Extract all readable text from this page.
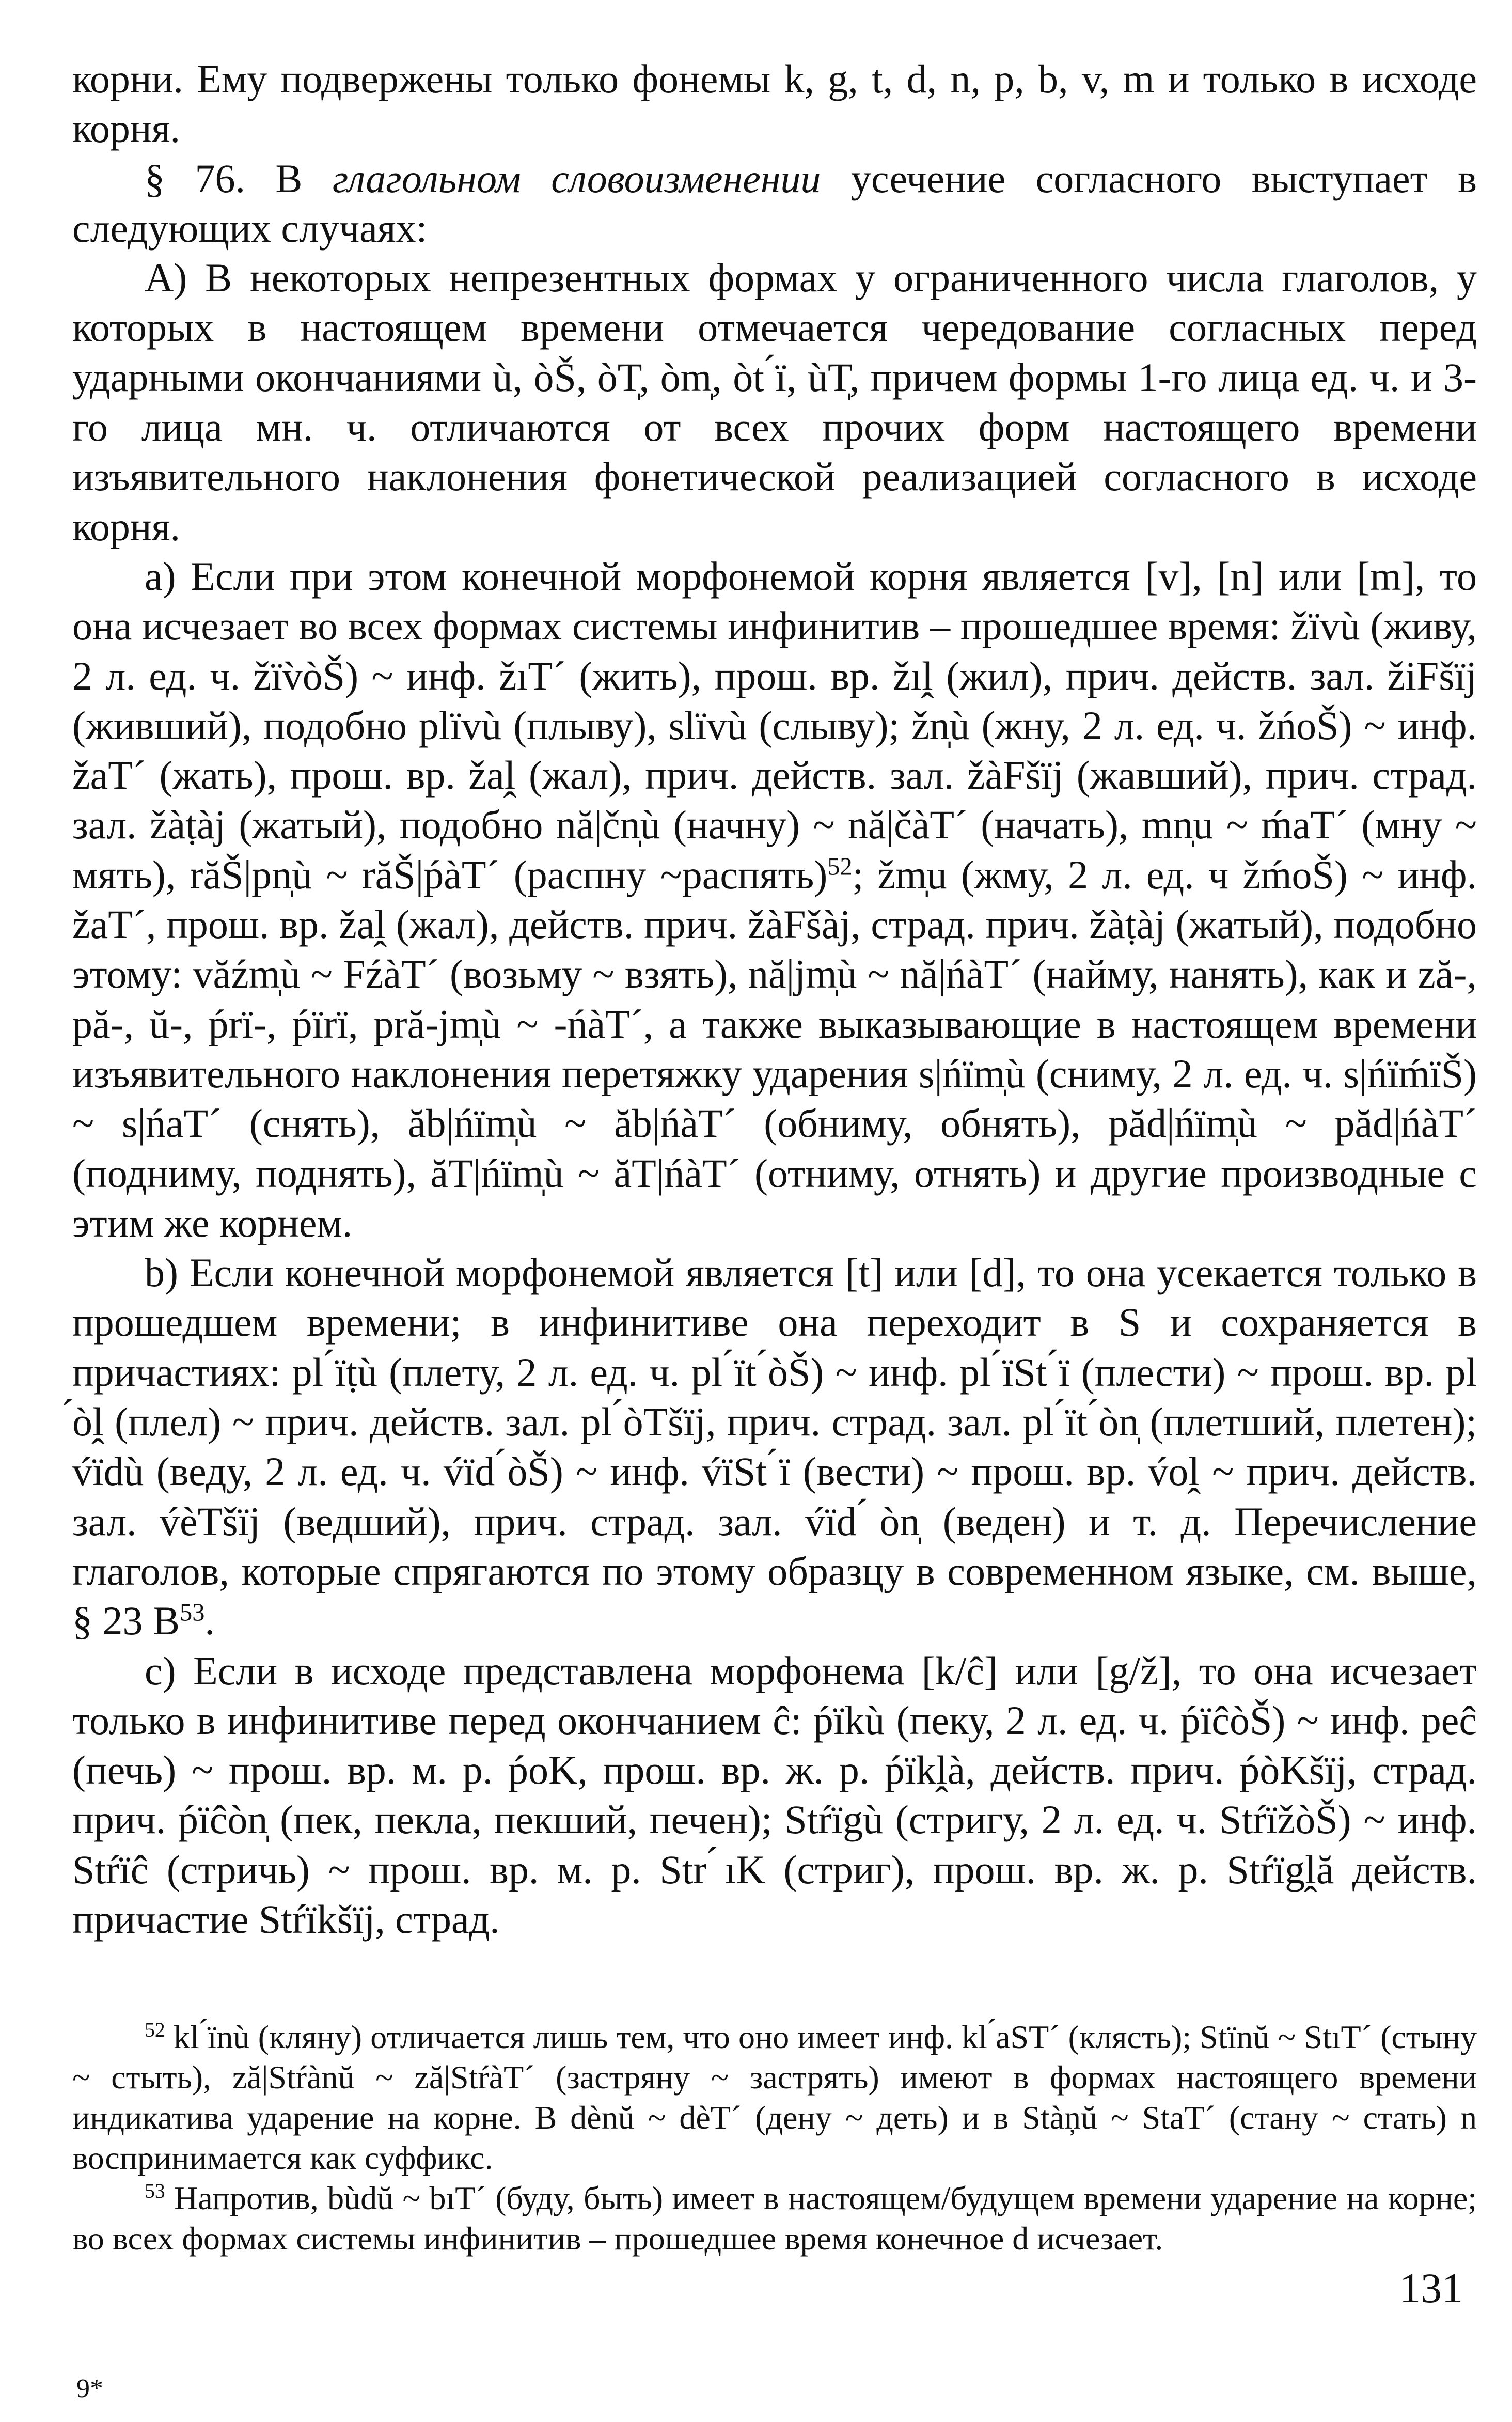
корни. Ему подвержены только фонемы k, g, t, d, n, p, b, v, m и только в исходе корня.

§ 76. В глагольном словоизменении усечение согласного выступает в следующих случаях:

A) В некоторых непрезентных формах у ограниченного числа глаголов, у которых в настоящем времени отмечается чередование согласных перед ударными окончаниями ù, òŠ, òT̩, òm̩, òt ́ï, ùT̩, причем формы 1-го лица ед. ч. и 3-го лица мн. ч. отличаются от всех прочих форм настоящего времени изъявительного наклонения фонетической реализацией согласного в исходе корня.

a) Если при этом конечной морфонемой корня является [v], [n] или [m], то она исчезает во всех формах системы инфинитив – прошедшее время: žïvù (живу, 2 л. ед. ч. žïv̀òŠ) ~ инф. žıT´ (жить), прош. вр. žıḽ (жил), прич. действ. зал. žiFšïj (живший), подобно plïvù (плыву), slïvù (слыву); žn̩ù (жну, 2 л. ед. ч. žńoŠ) ~ инф. žaT´ (жать), прош. вр. žaḽ (жал), прич. действ. зал. žàFšïj (жавший), прич. страд. зал. žàṭàj (жатый), подобно nă|čn̩ù (начну) ~ nă|čàT´ (начать), mn̩u ~ ḿaT´ (мну ~ мять), răŠ|pn̩ù ~ răŠ|ṕàT´ (распну ~распять)$^{52}$; žm̩u (жму, 2 л. ед. ч žḿoŠ) ~ инф. žaT´, прош. вр. žaḽ (жал), действ. прич. žàFšàj, страд. прич. žàṭàj (жатый), подобно этому: văźm̩ù ~ FźàT´ (возьму ~ взять), nă|jm̩ù ~ nă|ńàT´ (найму, нанять), как и ză-, pă-, ŭ-, ṕrï-, ṕïrï, pră-jm̩ù ~ -ńàT´, а также выказывающие в настоящем времени изъявительного наклонения перетяжку ударения s|ńïm̩ù (сниму, 2 л. ед. ч. s|ńïḿïŠ) ~ s|ńaT´ (снять), ăb|ńïm̩ù ~ ăb|ńàT´ (обниму, обнять), păd|ńïm̩ù ~ păd|ńàT´ (подниму, поднять), ăT|ńïm̩ù ~ ăT|ńàT´ (отниму, отнять) и другие производные с этим же корнем.

b) Если конечной морфонемой является [t] или [d], то она усекается только в прошедшем времени; в инфинитиве она переходит в S и сохраняется в причастиях: pl ́ïṭù (плету, 2 л. ед. ч. pl ́ït ́òŠ) ~ инф. pl ́ïSt ́ï (плести) ~ прош. вр. pl ́òḽ (плел) ~ прич. действ. зал. pl ́òTšïj, прич. страд. зал. pl ́ït ́òn̩ (плетший, плетен); v́ïdù (веду, 2 л. ед. ч. v́ïd ́òŠ) ~ инф. v́ïSt ́ï (вести) ~ прош. вр. v́oḽ ~ прич. действ. зал. v́èTšïj (ведший), прич. страд. зал. v́ïd ́òn̩ (веден) и т. д. Перечисление глаголов, которые спрягаются по этому образцу в современном языке, см. выше, § 23 $B^{53}$.

c) Если в исходе представлена морфонема [k/ĉ] или [g/ž], то она исчезает только в инфинитиве перед окончанием ĉ: ṕïkù (пеку, 2 л. ед. ч. ṕïĉòŠ) ~ инф. peĉ (печь) ~ прош. вр. м. р. ṕoK, прош. вр. ж. р. ṕïkḽà, действ. прич. ṕòKšïj, страд. прич. ṕïĉòn̩ (пек, пекла, пекший, печен); Stŕïgù (стригу, 2 л. ед. ч. StŕïžòŠ) ~ инф. Stŕïĉ (стричь) ~ прош. вр. м. р. Str ́ıK (стриг), прош. вр. ж. р. Stŕïgḽă действ. причастие Stŕïkšïj, страд.

$^{52}$ kl ́ïnù (кляну) отличается лишь тем, что оно имеет инф. kl ́aST´ (клясть); Stïnŭ ~ StıT´ (стыну ~ стыть), ză|Stŕànŭ ~ ză|StŕàT´ (застряну ~ застрять) имеют в формах настоящего времени индикатива ударение на корне. В dènŭ ~ dèT´ (дену ~ деть) и в Stàņŭ ~ StaT´ (стану ~ стать) n воспринимается как суффикс.

$^{53}$ Напротив, bùdŭ ~ bıT´ (буду, быть) имеет в настоящем/будущем времени ударение на корне; во всех формах системы инфинитив – прошедшее время конечное d исчезает.

131
9*
